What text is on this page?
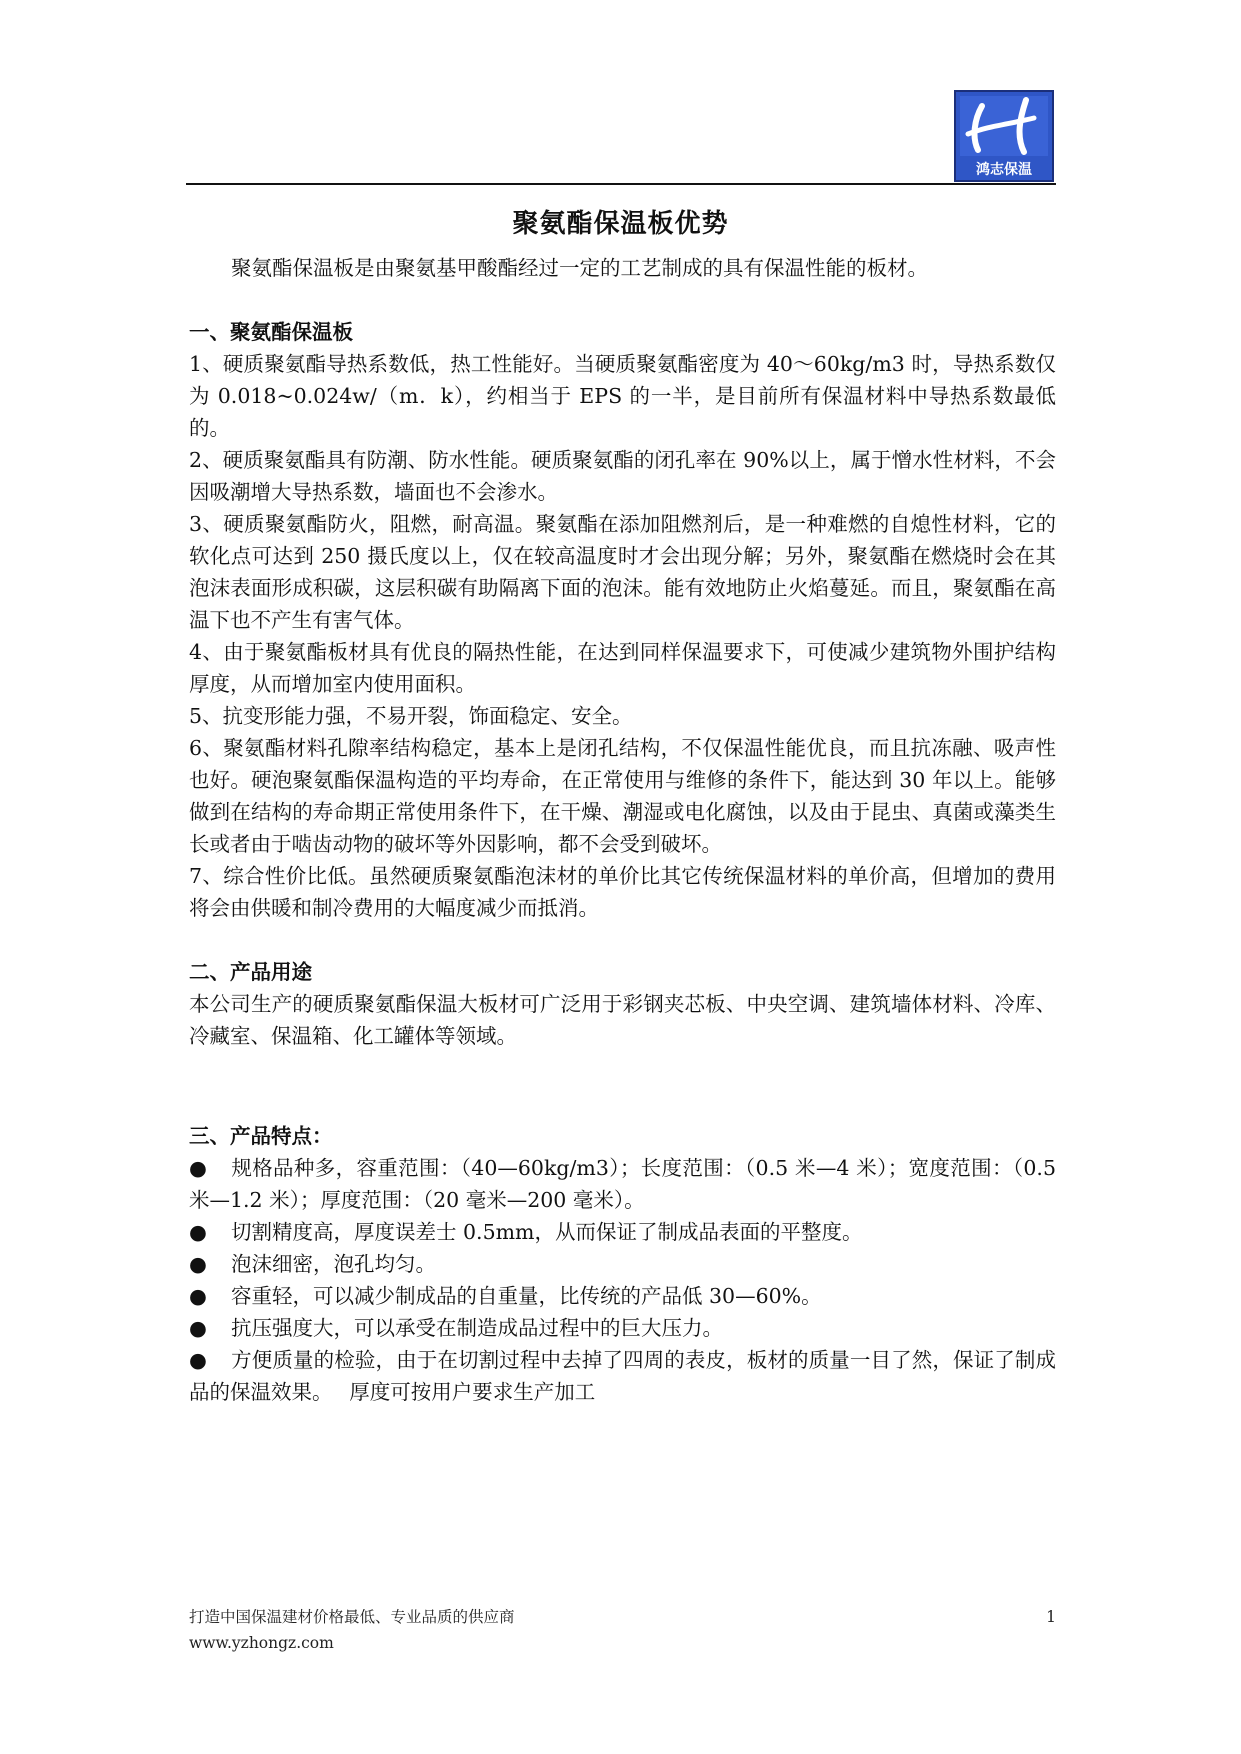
鸿志保温
聚氨酯保温板优势

聚氨酯保温板是由聚氨基甲酸酯经过一定的工艺制成的具有保温性能的板材。

一、聚氨酯保温板

1、硬质聚氨酯导热系数低，热工性能好。当硬质聚氨酯密度为 40～60kg/m3 时，导热系数仅为 0.018~0.024w/（m．k），约相当于 EPS 的一半，是目前所有保温材料中导热系数最低的。

2、硬质聚氨酯具有防潮、防水性能。硬质聚氨酯的闭孔率在 90%以上，属于憎水性材料，不会因吸潮增大导热系数，墙面也不会渗水。

3、硬质聚氨酯防火，阻燃，耐高温。聚氨酯在添加阻燃剂后，是一种难燃的自熄性材料，它的软化点可达到 250 摄氏度以上，仅在较高温度时才会出现分解；另外，聚氨酯在燃烧时会在其泡沫表面形成积碳，这层积碳有助隔离下面的泡沫。能有效地防止火焰蔓延。而且，聚氨酯在高温下也不产生有害气体。

4、由于聚氨酯板材具有优良的隔热性能，在达到同样保温要求下，可使减少建筑物外围护结构厚度，从而增加室内使用面积。

5、抗变形能力强，不易开裂，饰面稳定、安全。

6、聚氨酯材料孔隙率结构稳定，基本上是闭孔结构，不仅保温性能优良，而且抗冻融、吸声性也好。硬泡聚氨酯保温构造的平均寿命，在正常使用与维修的条件下，能达到 30 年以上。能够做到在结构的寿命期正常使用条件下，在干燥、潮湿或电化腐蚀，以及由于昆虫、真菌或藻类生长或者由于啮齿动物的破坏等外因影响，都不会受到破坏。

7、综合性价比低。虽然硬质聚氨酯泡沫材的单价比其它传统保温材料的单价高，但增加的费用将会由供暖和制冷费用的大幅度减少而抵消。

二、产品用途

本公司生产的硬质聚氨酯保温大板材可广泛用于彩钢夹芯板、中央空调、建筑墙体材料、冷库、冷藏室、保温箱、化工罐体等领域。

三、产品特点：

● 规格品种多，容重范围：（40—60kg/m3）；长度范围：（0.5 米—4 米）；宽度范围：（0.5 米—1.2 米）；厚度范围：（20 毫米—200 毫米）。

● 切割精度高，厚度误差士 0.5mm，从而保证了制成品表面的平整度。

● 泡沫细密，泡孔均匀。

● 容重轻，可以减少制成品的自重量，比传统的产品低 30—60%。

● 抗压强度大，可以承受在制造成品过程中的巨大压力。

● 方便质量的检验，由于在切割过程中去掉了四周的表皮，板材的质量一目了然，保证了制成品的保温效果。　 厚度可按用户要求生产加工

打造中国保温建材价格最低、专业品质的供应商
www.yzhongz.com
1
